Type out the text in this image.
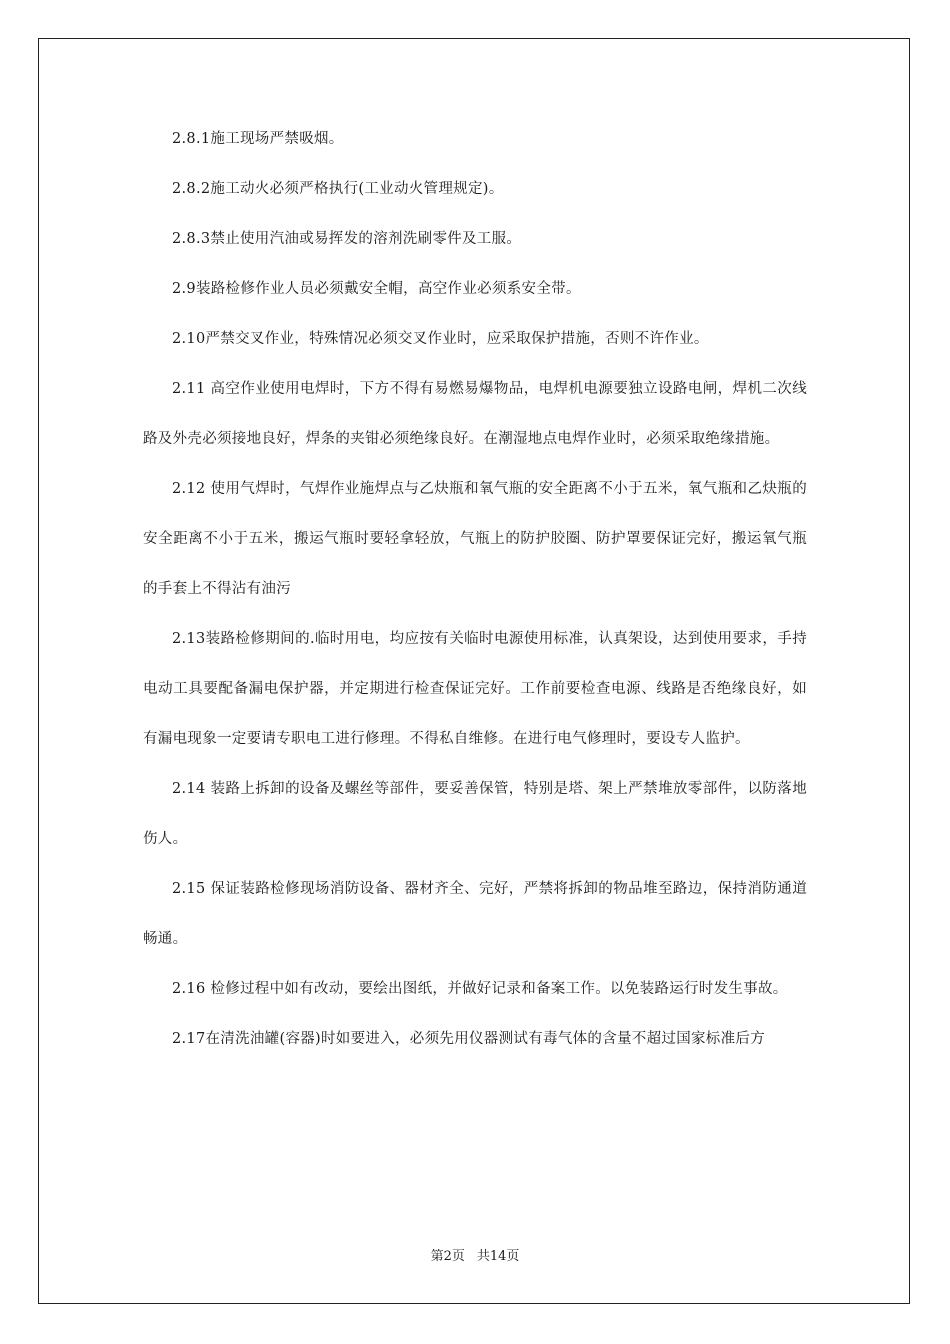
2.8.1施工现场严禁吸烟。

2.8.2施工动火必须严格执行(工业动火管理规定)。

2.8.3禁止使用汽油或易挥发的溶剂洗刷零件及工服。

2.9装路检修作业人员必须戴安全帽，高空作业必须系安全带。

2.10严禁交叉作业，特殊情况必须交叉作业时，应采取保护措施，否则不许作业。

2.11 高空作业使用电焊时，下方不得有易燃易爆物品，电焊机电源要独立设路电闸，焊机二次线路及外壳必须接地良好，焊条的夹钳必须绝缘良好。在潮湿地点电焊作业时，必须采取绝缘措施。

2.12 使用气焊时，气焊作业施焊点与乙炔瓶和氧气瓶的安全距离不小于五米，氧气瓶和乙炔瓶的安全距离不小于五米，搬运气瓶时要轻拿轻放，气瓶上的防护胶圈、防护罩要保证完好，搬运氧气瓶的手套上不得沾有油污

2.13装路检修期间的.临时用电，均应按有关临时电源使用标准，认真架设，达到使用要求，手持电动工具要配备漏电保护器，并定期进行检查保证完好。工作前要检查电源、线路是否绝缘良好，如有漏电现象一定要请专职电工进行修理。不得私自维修。在进行电气修理时，要设专人监护。

2.14 装路上拆卸的设备及螺丝等部件，要妥善保管，特别是塔、架上严禁堆放零部件，以防落地伤人。

2.15 保证装路检修现场消防设备、器材齐全、完好，严禁将拆卸的物品堆至路边，保持消防通道畅通。

2.16 检修过程中如有改动，要绘出图纸，并做好记录和备案工作。以免装路运行时发生事故。

2.17在清洗油罐(容器)时如要进入，必须先用仪器测试有毒气体的含量不超过国家标准后方

第2页 共14页
